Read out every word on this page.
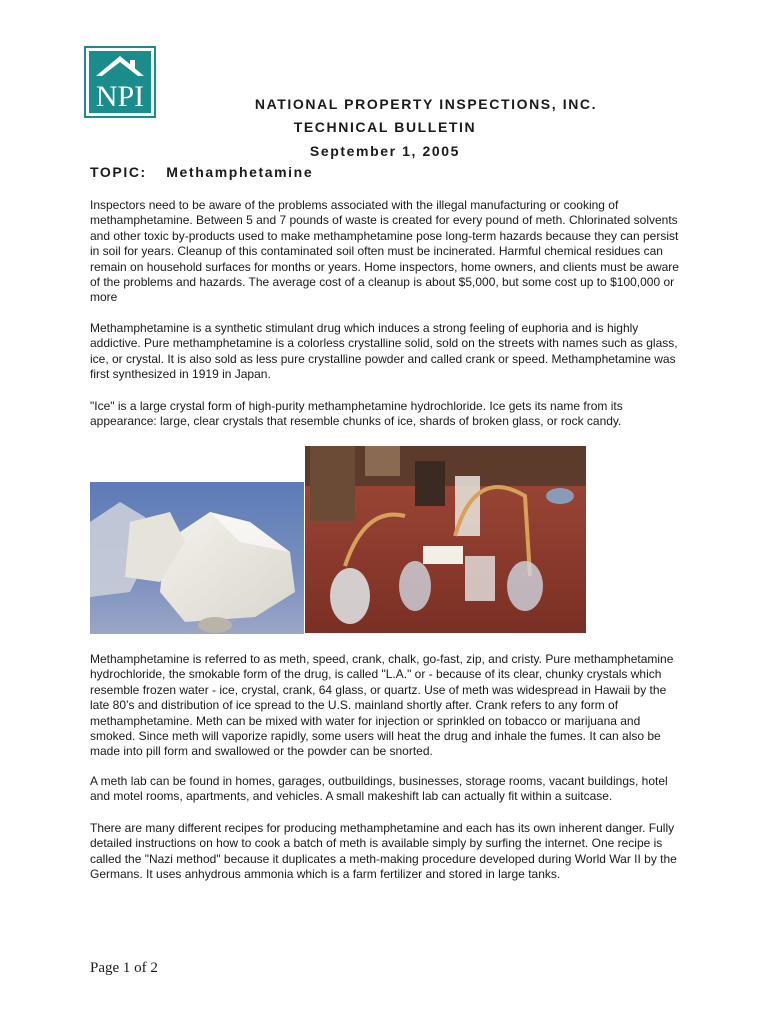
NPI	NATIONAL PROPERTY INSPECTIONS, INC.
TECHNICAL BULLETIN
September 1, 2005
TOPIC: Methamphetamine

Inspectors need to be aware of the problems associated with the illegal manufacturing or cooking of methamphetamine. Between 5 and 7 pounds of waste is created for every pound of meth. Chlorinated solvents and other toxic by-products used to make methamphetamine pose long-term hazards because they can persist in soil for years. Cleanup of this contaminated soil often must be incinerated. Harmful chemical residues can remain on household surfaces for months or years. Home inspectors, home owners, and clients must be aware of the problems and hazards. The average cost of a cleanup is about $5,000, but some cost up to $100,000 or more

Methamphetamine is a synthetic stimulant drug which induces a strong feeling of euphoria and is highly addictive. Pure methamphetamine is a colorless crystalline solid, sold on the streets with names such as glass, ice, or crystal. It is also sold as less pure crystalline powder and called crank or speed. Methamphetamine was first synthesized in 1919 in Japan.

"Ice" is a large crystal form of high-purity methamphetamine hydrochloride. Ice gets its name from its appearance: large, clear crystals that resemble chunks of ice, shards of broken glass, or rock candy.

Methamphetamine is referred to as meth, speed, crank, chalk, go-fast, zip, and cristy. Pure methamphetamine hydrochloride, the smokable form of the drug, is called "L.A." or - because of its clear, chunky crystals which resemble frozen water - ice, crystal, crank, 64 glass, or quartz. Use of meth was widespread in Hawaii by the late 80’s and distribution of ice spread to the U.S. mainland shortly after. Crank refers to any form of methamphetamine. Meth can be mixed with water for injection or sprinkled on tobacco or marijuana and smoked. Since meth will vaporize rapidly, some users will heat the drug and inhale the fumes. It can also be made into pill form and swallowed or the powder can be snorted.

A meth lab can be found in homes, garages, outbuildings, businesses, storage rooms, vacant buildings, hotel and motel rooms, apartments, and vehicles. A small makeshift lab can actually fit within a suitcase.

There are many different recipes for producing methamphetamine and each has its own inherent danger. Fully detailed instructions on how to cook a batch of meth is available simply by surfing the internet. One recipe is called the "Nazi method" because it duplicates a meth-making procedure developed during World War II by the Germans. It uses anhydrous ammonia which is a farm fertilizer and stored in large tanks.

Page 1 of 2
